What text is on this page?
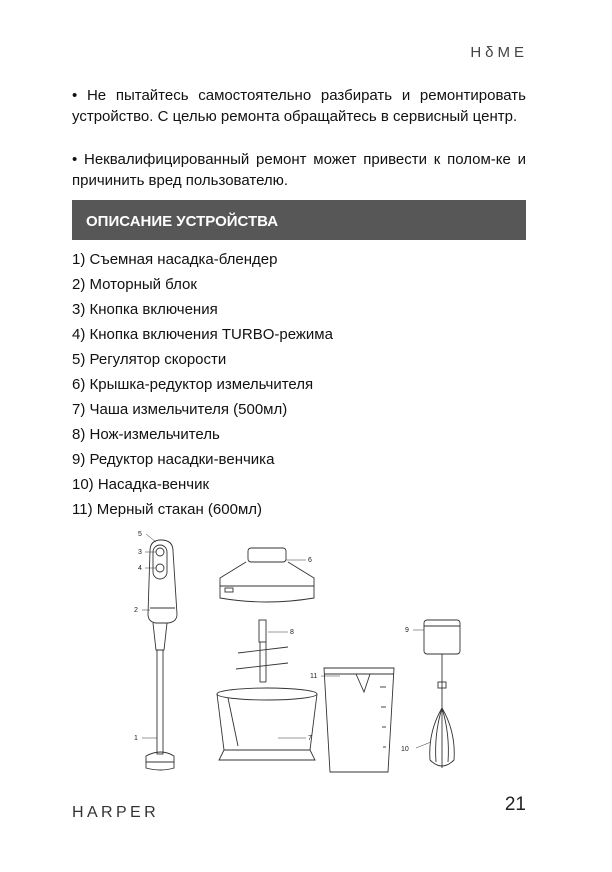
HδME

• Не пытайтесь самостоятельно разбирать и ремонтировать устройство. С целью ремонта обращайтесь в сервисный центр.

• Неквалифицированный ремонт может привести к полом-ке и причинить вред пользователю.

ОПИСАНИЕ УСТРОЙСТВА
1) Съемная насадка-блендер
2) Моторный блок
3) Кнопка включения
4) Кнопка включения TURBO-режима
5) Регулятор скорости
6) Крышка-редуктор измельчителя
7) Чаша измельчителя (500мл)
8) Нож-измельчитель
9) Редуктор насадки-венчика
10) Насадка-венчик
11) Мерный стакан (600мл)
1
2
3
4
5
6
7
8	9
10
11
HARPER	21
